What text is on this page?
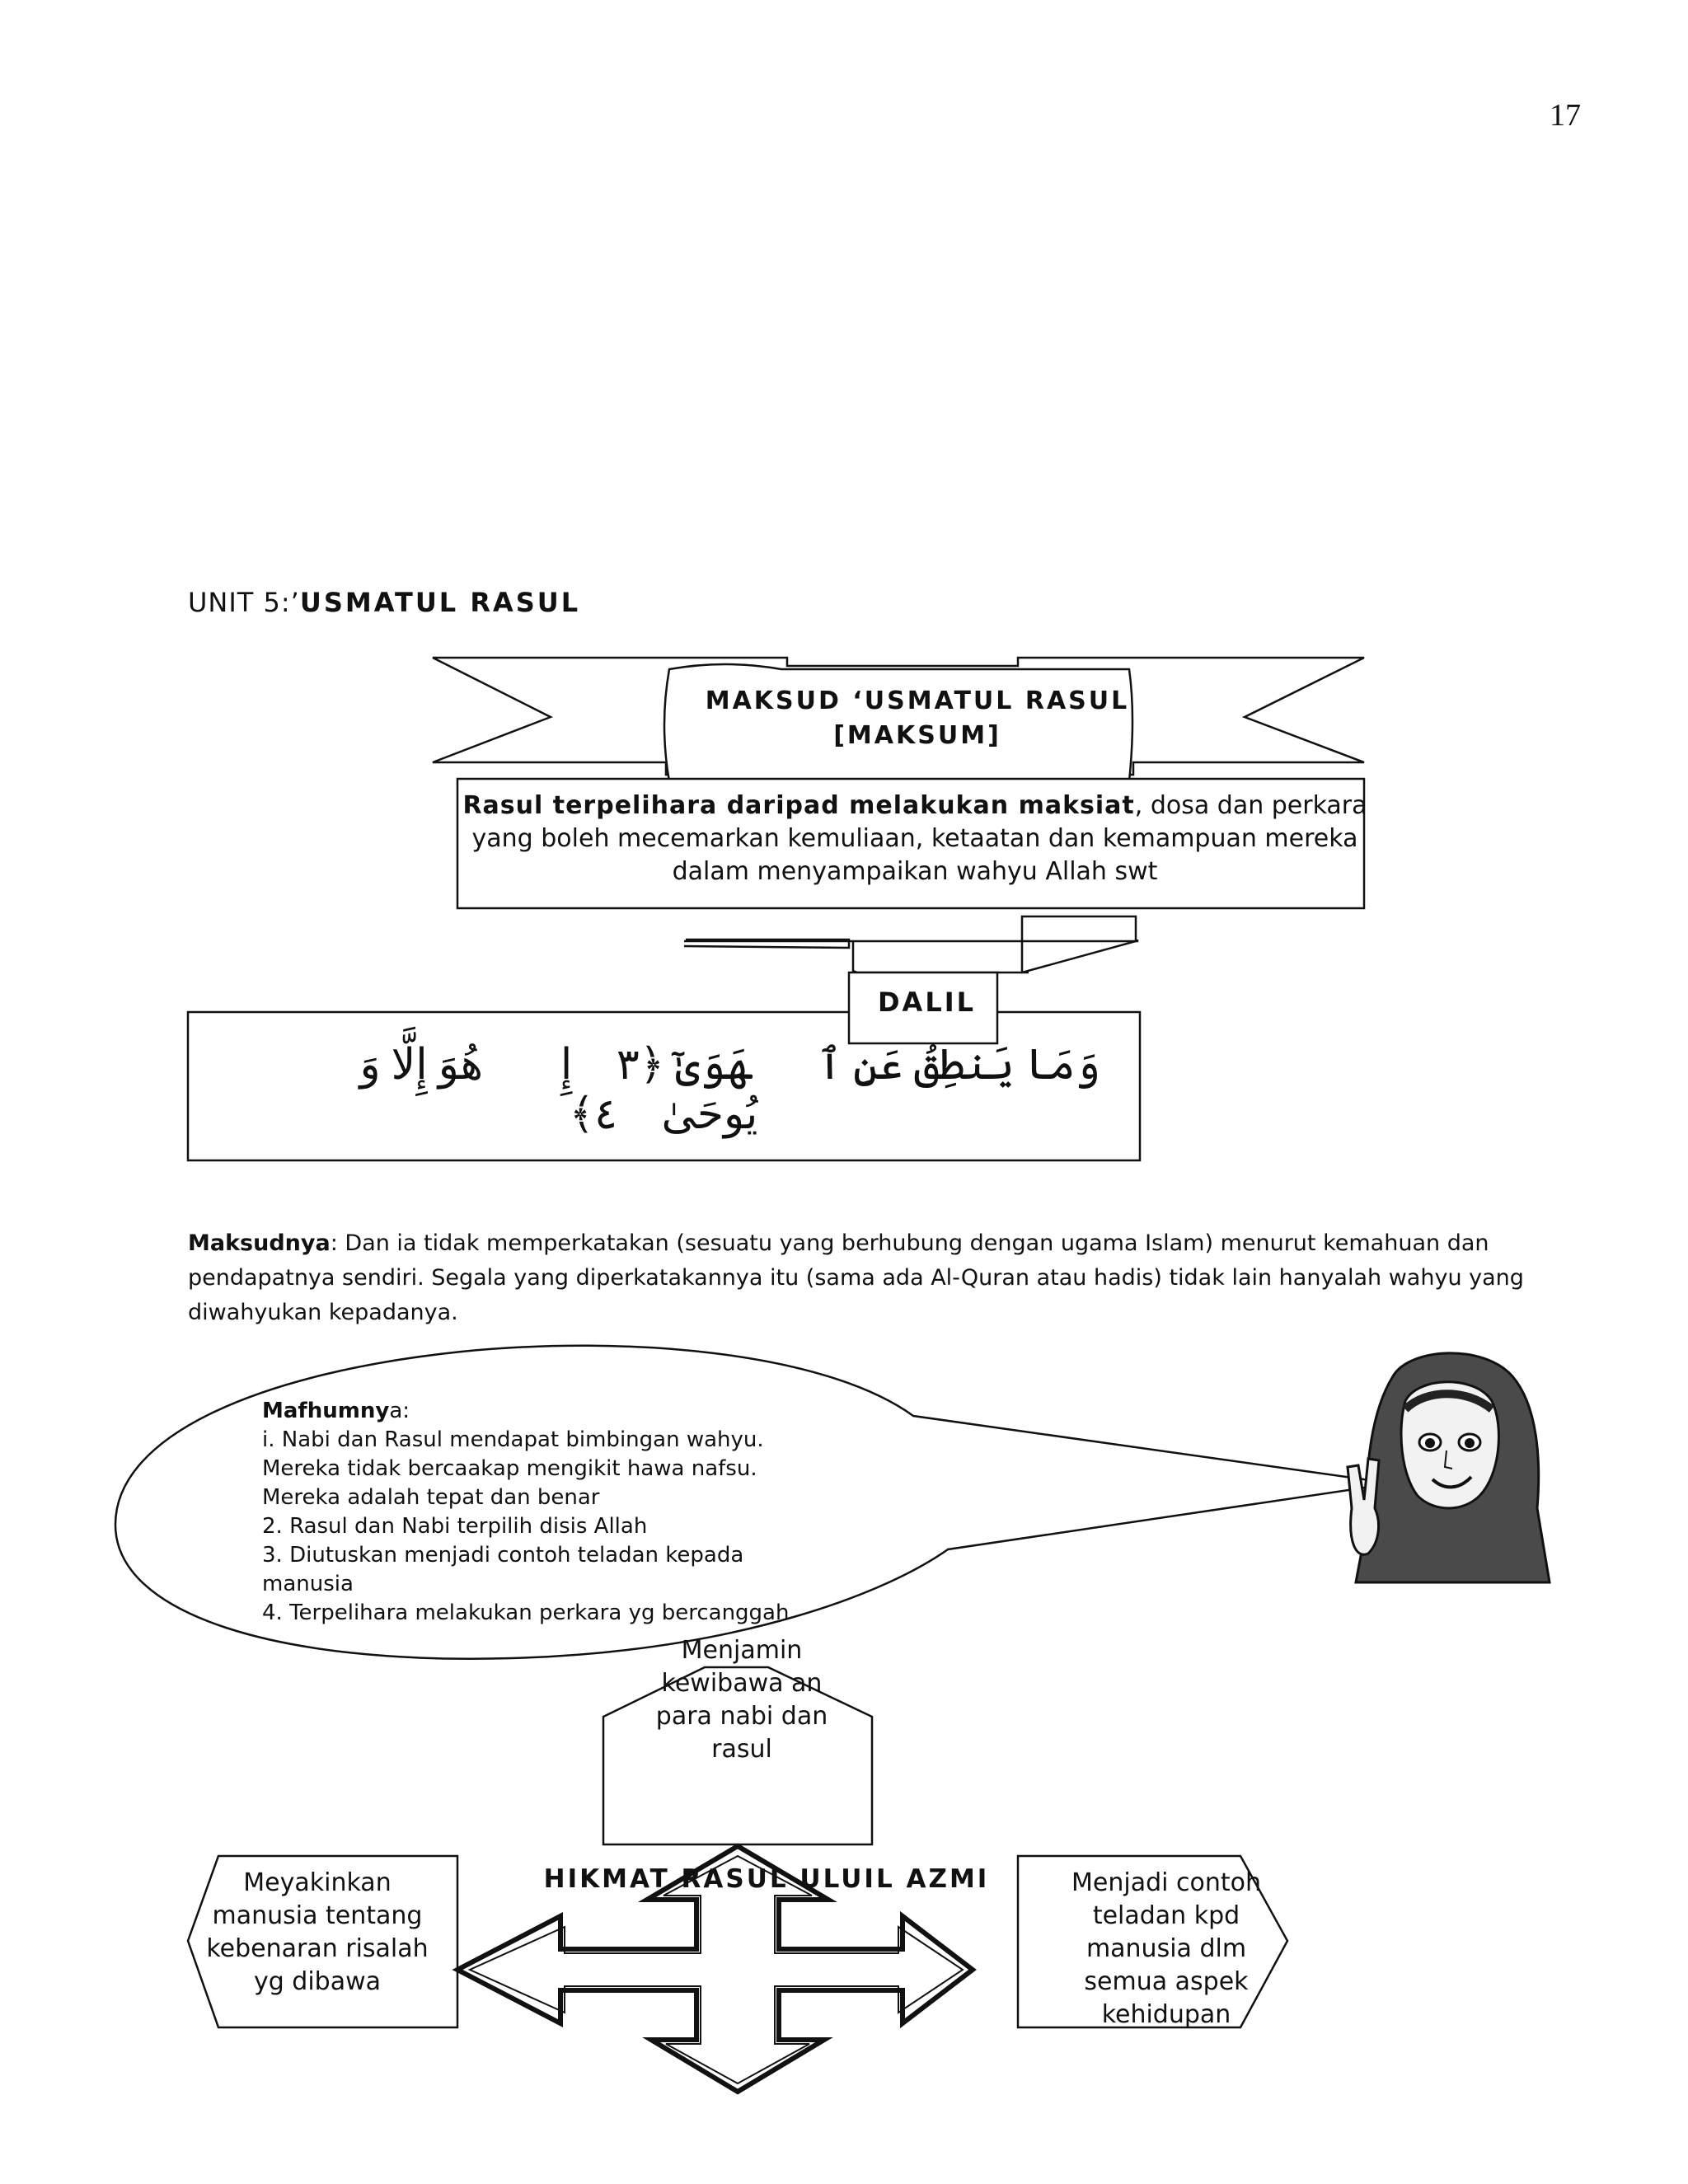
17
UNIT 5:’USMATUL RASUL
MAKSUD ‘USMATUL RASUL
[MAKSUM]
Rasul terpelihara daripad melakukan maksiat, dosa dan perkara yang boleh mecemarkan kemuliaan, ketaatan dan kemampuan mereka dalam menyampaikan wahyu Allah swt
DALIL
وَمَا يَنطِقُ عَنِ ٱلۡهَوَىٰٓ ﴿٣﴾ إِنۡ هُوَ إِلَّا وَحۡيٞ يُوحَىٰ ﴿٤﴾
Maksudnya: Dan ia tidak memperkatakan (sesuatu yang berhubung dengan ugama Islam) menurut kemahuan dan pendapatnya sendiri. Segala yang diperkatakannya itu (sama ada Al-Quran atau hadis) tidak lain hanyalah wahyu yang diwahyukan kepadanya.
Mafhumnya:
i. Nabi dan Rasul mendapat bimbingan wahyu.
Mereka tidak bercaakap mengikit hawa nafsu.
Mereka adalah tepat dan benar
2. Rasul dan Nabi terpilih disis Allah
3. Diutuskan menjadi contoh teladan kepada
manusia
4. Terpelihara melakukan perkara yg bercanggah
Menjamin kewibawa an para nabi dan rasul
HIKMAT RASUL ULUIL AZMI
Meyakinkan manusia tentang kebenaran risalah yg dibawa
Menjadi contoh teladan kpd manusia dlm semua aspek kehidupan
